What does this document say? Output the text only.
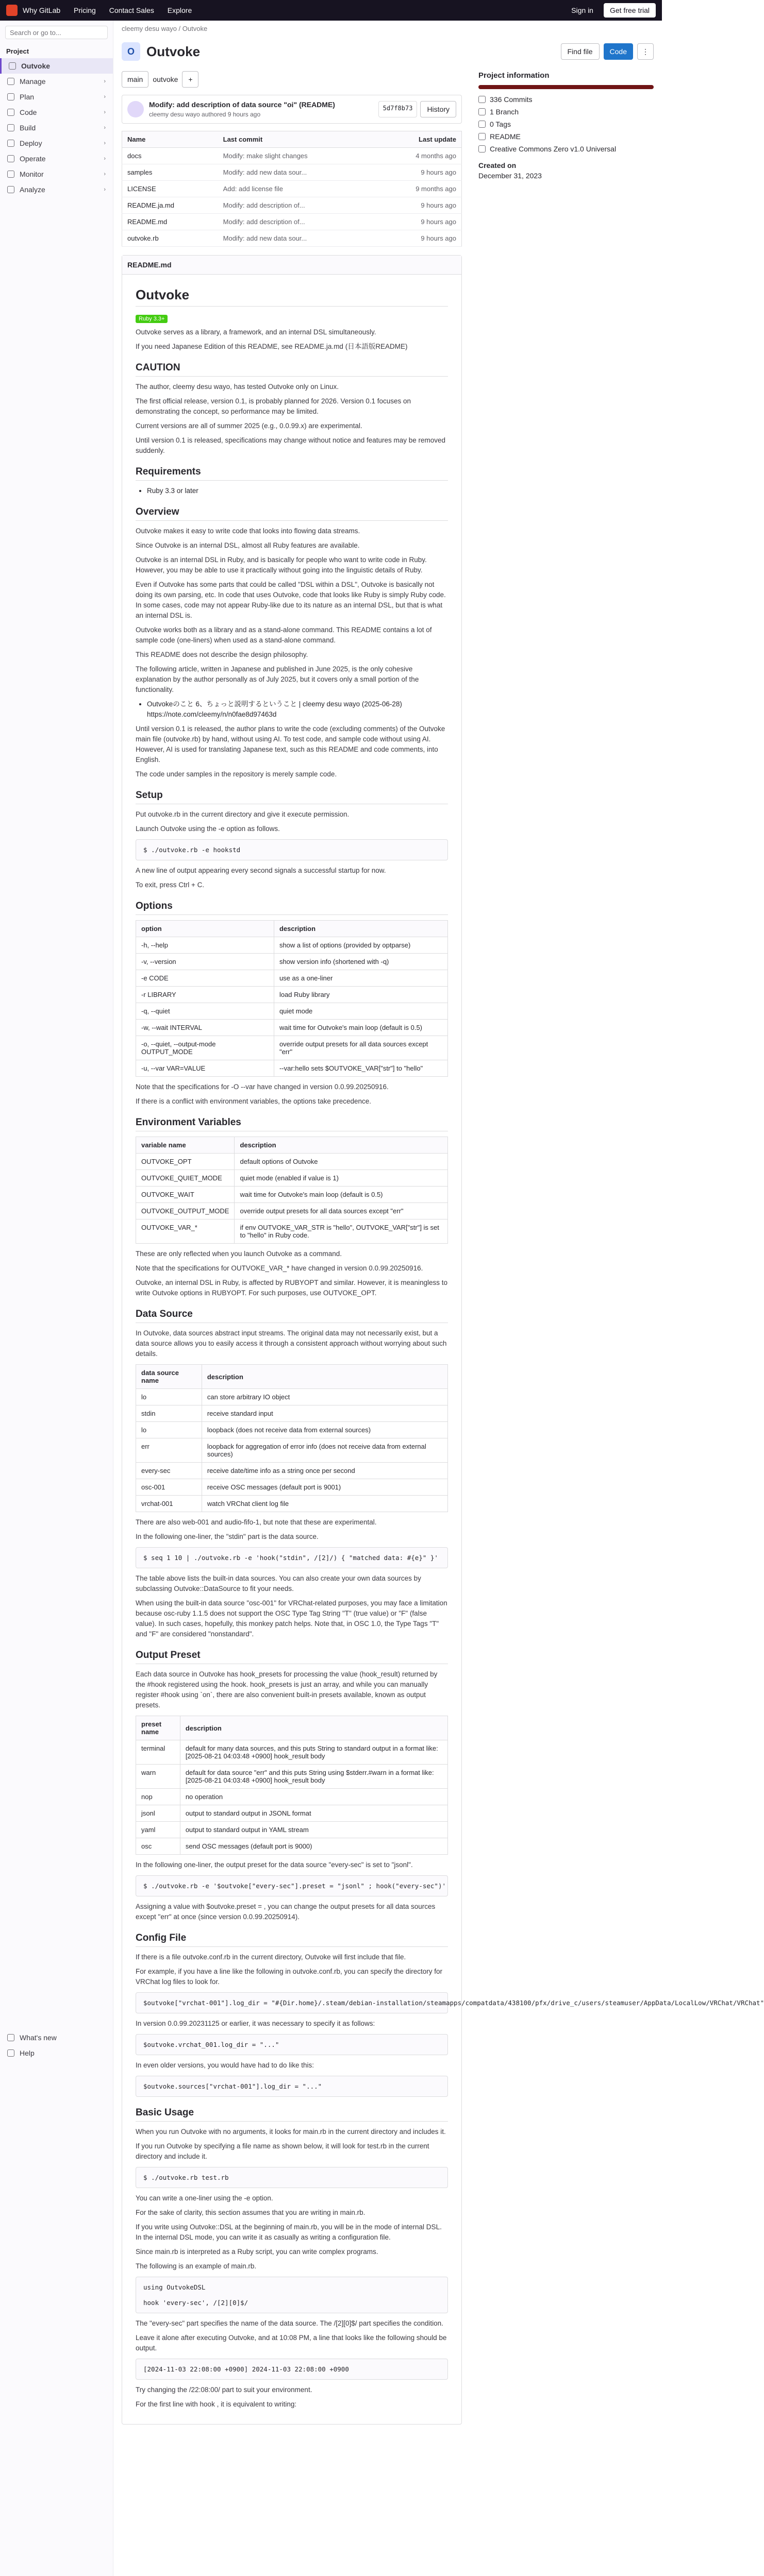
Why GitLab Pricing Contact Sales Explore	Sign in	Get free trial
Search or go to...
Project
Outvoke
Manage	›
Plan	›
Code	›
Build	›
Deploy	›
Operate	›
Monitor	›
Analyze	›
What's new
Help
cleemy desu wayo / Outvoke
O Outvoke	Find file	Code	⋮
main	outvoke	+
Modify: add description of data source "oi" (README)
cleemy desu wayo authored 9 hours ago
5d7f8b73	History
Name	Last commit	Last update
docs	Modify: make slight changes	4 months ago
samples	Modify: add new data sour...	9 hours ago
LICENSE	Add: add license file	9 months ago
README.ja.md	Modify: add description of...	9 hours ago
README.md	Modify: add description of...	9 hours ago
outvoke.rb	Modify: add new data sour...	9 hours ago
README.md
Outvoke
Ruby 3.3+

Outvoke serves as a library, a framework, and an internal DSL simultaneously.

If you need Japanese Edition of this README, see README.ja.md (日本語版README)

CAUTION

The author, cleemy desu wayo, has tested Outvoke only on Linux.

The first official release, version 0.1, is probably planned for 2026. Version 0.1 focuses on demonstrating the concept, so performance may be limited.

Current versions are all of summer 2025 (e.g., 0.0.99.x) are experimental.

Until version 0.1 is released, specifications may change without notice and features may be removed suddenly.

Requirements
• Ruby 3.3 or later
Overview

Outvoke makes it easy to write code that looks into flowing data streams.

Since Outvoke is an internal DSL, almost all Ruby features are available.

Outvoke is an internal DSL in Ruby, and is basically for people who want to write code in Ruby. However, you may be able to use it practically without going into the linguistic details of Ruby.

Even if Outvoke has some parts that could be called "DSL within a DSL", Outvoke is basically not doing its own parsing, etc. In code that uses Outvoke, code that looks like Ruby is simply Ruby code. In some cases, code may not appear Ruby-like due to its nature as an internal DSL, but that is what an internal DSL is.

Outvoke works both as a library and as a stand-alone command. This README contains a lot of sample code (one-liners) when used as a stand-alone command.

This README does not describe the design philosophy.

The following article, written in Japanese and published in June 2025, is the only cohesive explanation by the author personally as of July 2025, but it covers only a small portion of the functionality.

• Outvokeのこと 6、ちょっと説明するということ | cleemy desu wayo (2025-06-28) https://note.com/cleemy/n/n0fae8d97463d

Until version 0.1 is released, the author plans to write the code (excluding comments) of the Outvoke main file (outvoke.rb) by hand, without using AI. To test code, and sample code without using AI. However, AI is used for translating Japanese text, such as this README and code comments, into English.

The code under samples in the repository is merely sample code.

Setup

Put outvoke.rb in the current directory and give it execute permission.

Launch Outvoke using the -e option as follows.

$ ./outvoke.rb -e hookstd

A new line of output appearing every second signals a successful startup for now.

To exit, press Ctrl + C.

Options
option	description
-h, --help	show a list of options (provided by optparse)
-v, --version	show version info (shortened with -q)
-e CODE	use as a one-liner
-r LIBRARY	load Ruby library
-q, --quiet	quiet mode
-w, --wait INTERVAL	wait time for Outvoke's main loop (default is 0.5)
-o, --quiet, --output-mode OUTPUT_MODE	override output presets for all data sources except "err"
-u, --var VAR=VALUE	--var:hello sets $OUTVOKE_VAR["str"] to "hello"

Note that the specifications for -O --var have changed in version 0.0.99.20250916.

If there is a conflict with environment variables, the options take precedence.

Environment Variables
variable name	description
OUTVOKE_OPT	default options of Outvoke
OUTVOKE_QUIET_MODE	quiet mode (enabled if value is 1)
OUTVOKE_WAIT	wait time for Outvoke's main loop (default is 0.5)
OUTVOKE_OUTPUT_MODE	override output presets for all data sources except "err"
OUTVOKE_VAR_*	if env OUTVOKE_VAR_STR is "hello", OUTVOKE_VAR["str"] is set to "hello" in Ruby code.

These are only reflected when you launch Outvoke as a command.

Note that the specifications for OUTVOKE_VAR_* have changed in version 0.0.99.20250916.

Outvoke, an internal DSL in Ruby, is affected by RUBYOPT and similar. However, it is meaningless to write Outvoke options in RUBYOPT. For such purposes, use OUTVOKE_OPT.

Data Source

In Outvoke, data sources abstract input streams. The original data may not necessarily exist, but a data source allows you to easily access it through a consistent approach without worrying about such details.

data source name	description
lo	can store arbitrary IO object
stdin	receive standard input
lo	loopback (does not receive data from external sources)
err	loopback for aggregation of error info (does not receive data from external sources)
every-sec	receive date/time info as a string once per second
osc-001	receive OSC messages (default port is 9001)
vrchat-001	watch VRChat client log file

There are also web-001 and audio-fifo-1, but note that these are experimental.

In the following one-liner, the "stdin" part is the data source.

$ seq 1 10 | ./outvoke.rb -e 'hook("stdin", /[2]/) { "matched data: #{e}" }'

The table above lists the built-in data sources. You can also create your own data sources by subclassing Outvoke::DataSource to fit your needs.

When using the built-in data source "osc-001" for VRChat-related purposes, you may face a limitation because osc-ruby 1.1.5 does not support the OSC Type Tag String "T" (true value) or "F" (false value). In such cases, hopefully, this monkey patch helps. Note that, in OSC 1.0, the Type Tags "T" and "F" are considered "nonstandard".

Output Preset

Each data source in Outvoke has hook_presets for processing the value (hook_result) returned by the #hook registered using the hook. hook_presets is just an array, and while you can manually register #hook using `on`, there are also convenient built-in presets available, known as output presets.

preset name	description
terminal	default for many data sources, and this puts String to standard output in a format like: [2025-08-21 04:03:48 +0900] hook_result body
warn	default for data source "err" and this puts String using $stderr.#warn in a format like: [2025-08-21 04:03:48 +0900] hook_result body
nop	no operation
jsonl	output to standard output in JSONL format
yaml	output to standard output in YAML stream
osc	send OSC messages (default port is 9000)

In the following one-liner, the output preset for the data source "every-sec" is set to "jsonl".

$ ./outvoke.rb -e '$outvoke["every-sec"].preset = "jsonl" ; hook("every-sec")'

Assigning a value with $outvoke.preset = , you can change the output presets for all data sources except "err" at once (since version 0.0.99.20250914).

Config File

If there is a file outvoke.conf.rb in the current directory, Outvoke will first include that file.

For example, if you have a line like the following in outvoke.conf.rb, you can specify the directory for VRChat log files to look for.

$outvoke["vrchat-001"].log_dir = "#{Dir.home}/.steam/debian-installation/steamapps/compatdata/438100/pfx/drive_c/users/steamuser/AppData/LocalLow/VRChat/VRChat"

In version 0.0.99.20231125 or earlier, it was necessary to specify it as follows:

$outvoke.vrchat_001.log_dir = "..."

In even older versions, you would have had to do like this:

$outvoke.sources["vrchat-001"].log_dir = "..."
Basic Usage

When you run Outvoke with no arguments, it looks for main.rb in the current directory and includes it.

If you run Outvoke by specifying a file name as shown below, it will look for test.rb in the current directory and include it.

$ ./outvoke.rb test.rb

You can write a one-liner using the -e option.

For the sake of clarity, this section assumes that you are writing in main.rb.

If you write using Outvoke::DSL at the beginning of main.rb, you will be in the mode of internal DSL. In the internal DSL mode, you can write it as casually as writing a configuration file.

Since main.rb is interpreted as a Ruby script, you can write complex programs.

The following is an example of main.rb.

using OutvokeDSL

hook 'every-sec', /[2][0]$/

The "every-sec" part specifies the name of the data source. The /[2][0]$/ part specifies the condition.

Leave it alone after executing Outvoke, and at 10:08 PM, a line that looks like the following should be output.

[2024-11-03 22:08:00 +0900] 2024-11-03 22:08:00 +0900

Try changing the /22:08:00/ part to suit your environment.

For the first line with hook , it is equivalent to writing:

Project information
336 Commits
1 Branch
0 Tags
README
Creative Commons Zero v1.0 Universal
Created on
December 31, 2023
